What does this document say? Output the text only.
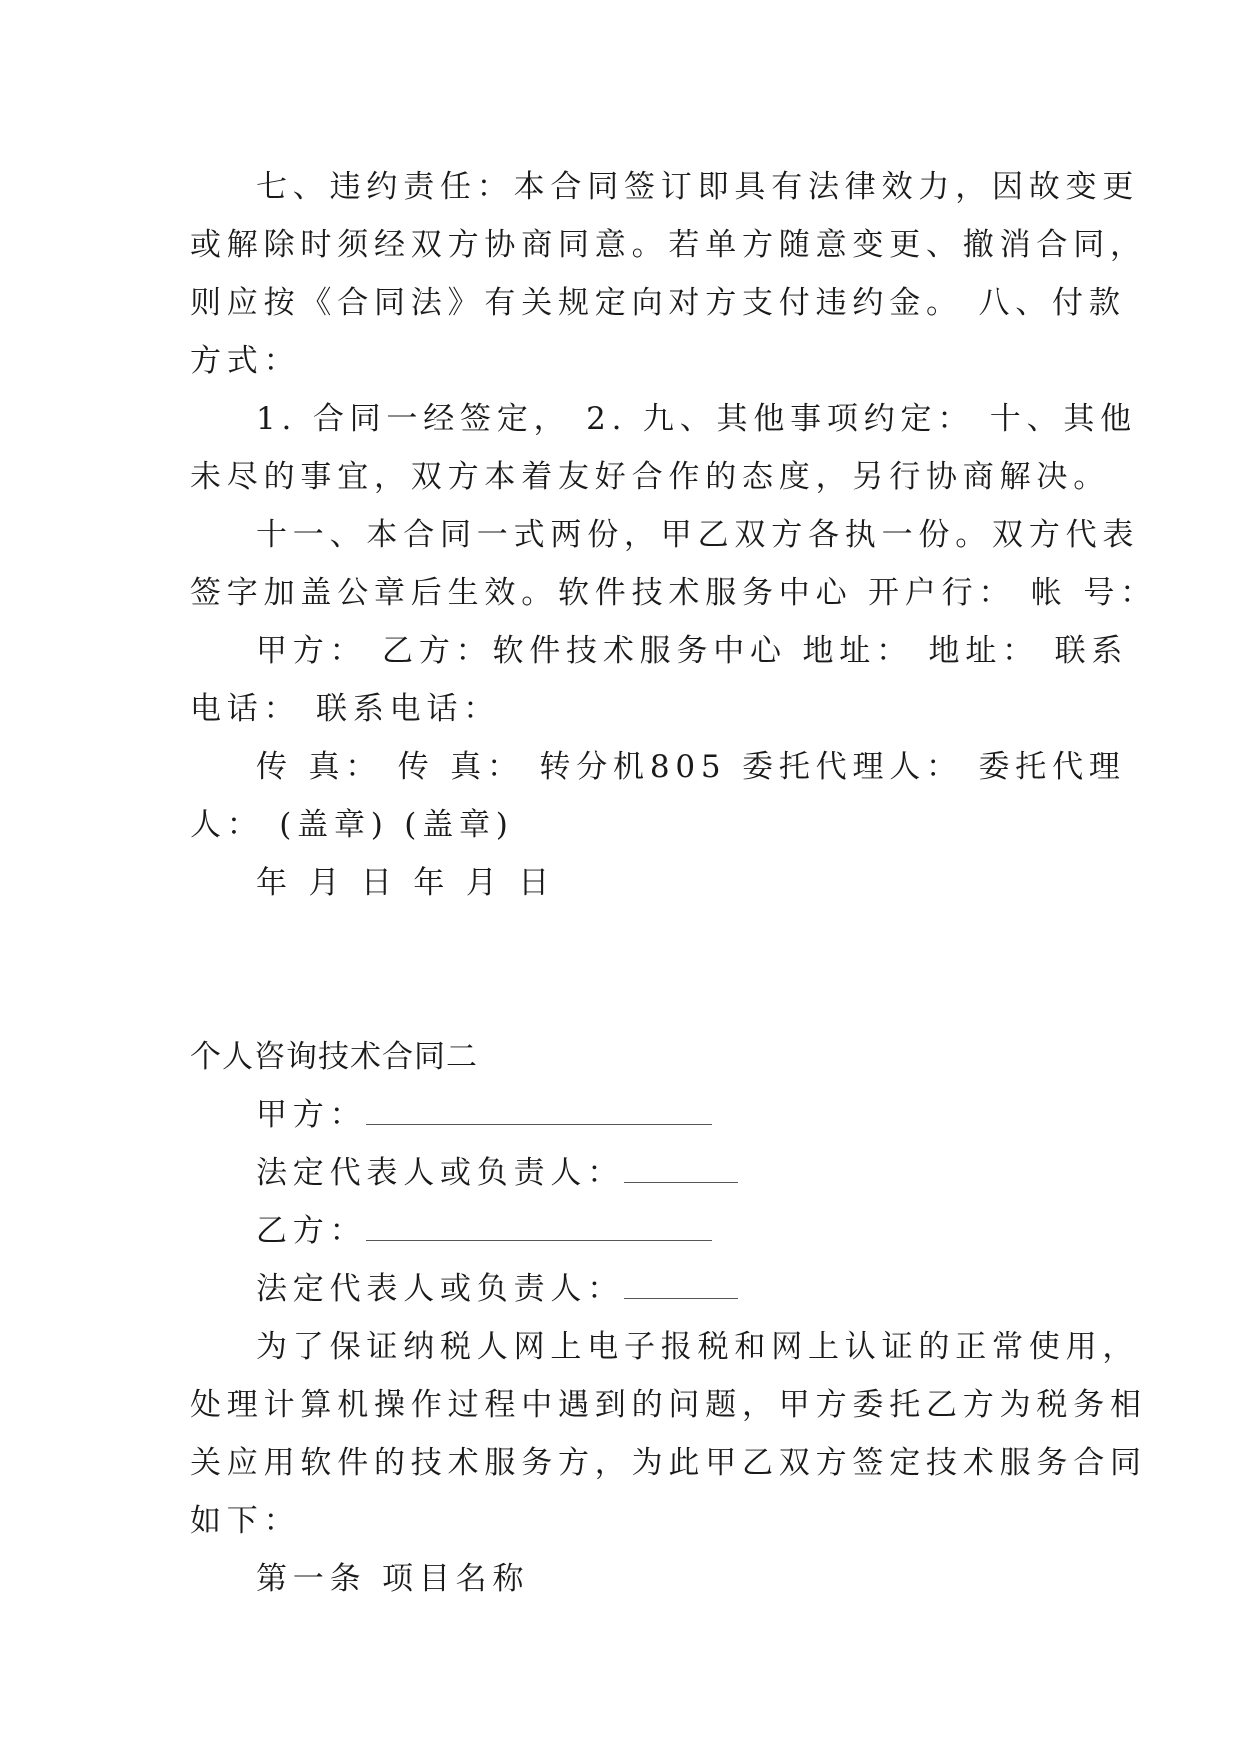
七、违约责任：本合同签订即具有法律效力，因故变更
或解除时须经双方协商同意。若单方随意变更、撤消合同，
则应按《合同法》有关规定向对方支付违约金。 八、付款
方式：
1. 合同一经签定， 2. 九、其他事项约定： 十、其他
未尽的事宜，双方本着友好合作的态度，另行协商解决。
十一、本合同一式两份，甲乙双方各执一份。双方代表
签字加盖公章后生效。软件技术服务中心 开户行： 帐 号：
甲方： 乙方：软件技术服务中心 地址： 地址： 联系
电话： 联系电话：
传 真： 传 真： 转分机805 委托代理人： 委托代理
人： (盖章) (盖章)
年 月 日 年 月 日
个人咨询技术合同二
甲方：
法定代表人或负责人：
乙方：
法定代表人或负责人：
为了保证纳税人网上电子报税和网上认证的正常使用，
处理计算机操作过程中遇到的问题，甲方委托乙方为税务相
关应用软件的技术服务方，为此甲乙双方签定技术服务合同
如下：
第一条 项目名称
